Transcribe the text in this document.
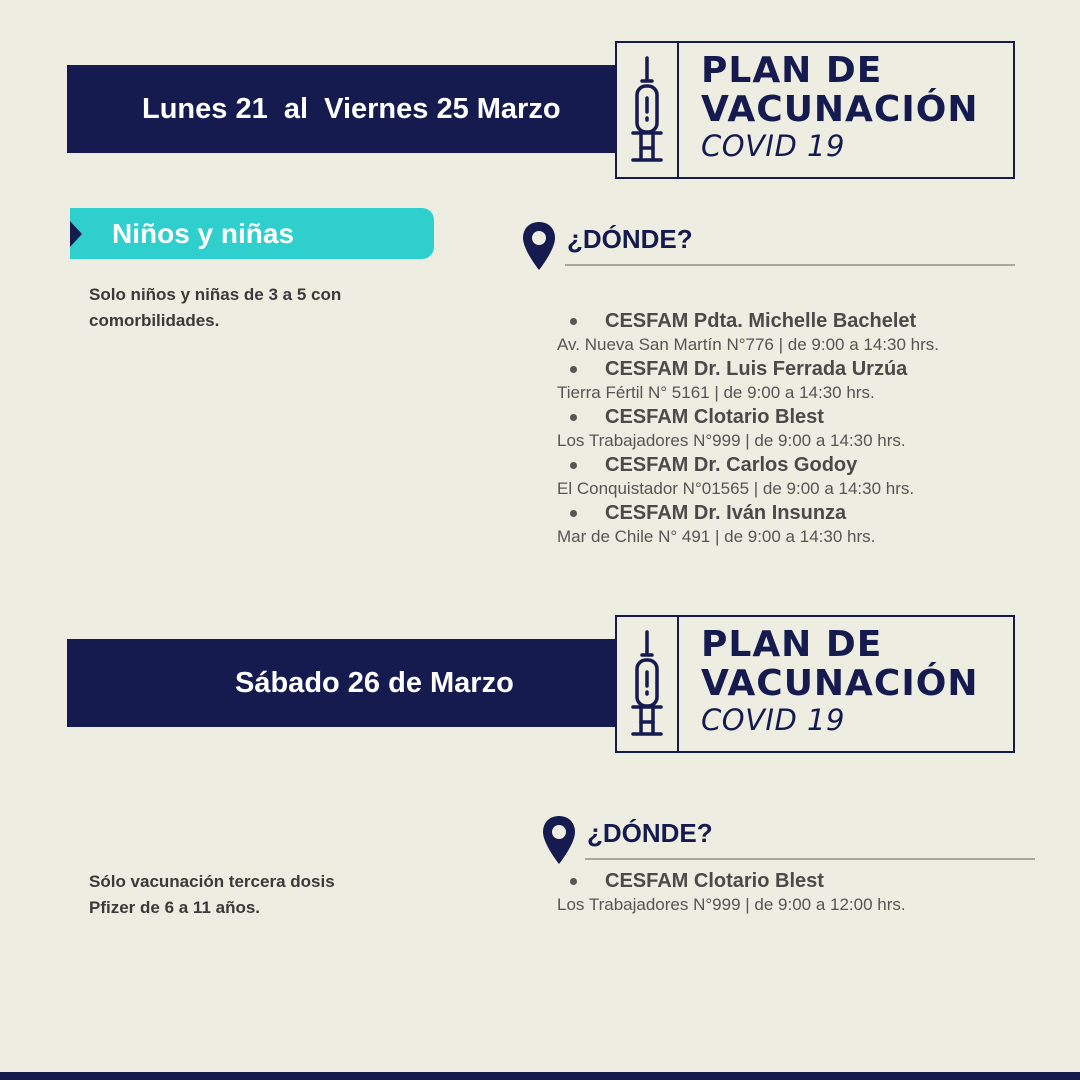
Lunes 21  al  Viernes 25 Marzo
PLAN DE
VACUNACIÓN
COVID 19
Niños y niñas
Solo niños y niñas de 3 a 5 con
comorbilidades.
¿DÓNDE?
CESFAM Pdta. Michelle Bachelet
Av. Nueva San Martín N°776 | de 9:00 a 14:30 hrs.
CESFAM Dr. Luis Ferrada Urzúa
Tierra Fértil N° 5161 | de 9:00 a 14:30 hrs.
CESFAM Clotario Blest
Los Trabajadores N°999 | de 9:00 a 14:30 hrs.
CESFAM Dr. Carlos Godoy
El Conquistador N°01565 | de 9:00 a 14:30 hrs.
CESFAM Dr. Iván Insunza
Mar de Chile N° 491 | de 9:00 a 14:30 hrs.
Sábado 26 de Marzo
PLAN DE
VACUNACIÓN
COVID 19
¿DÓNDE?
CESFAM Clotario Blest
Los Trabajadores N°999 | de 9:00 a 12:00 hrs.
Sólo vacunación tercera dosis
Pfizer de 6 a 11 años.
